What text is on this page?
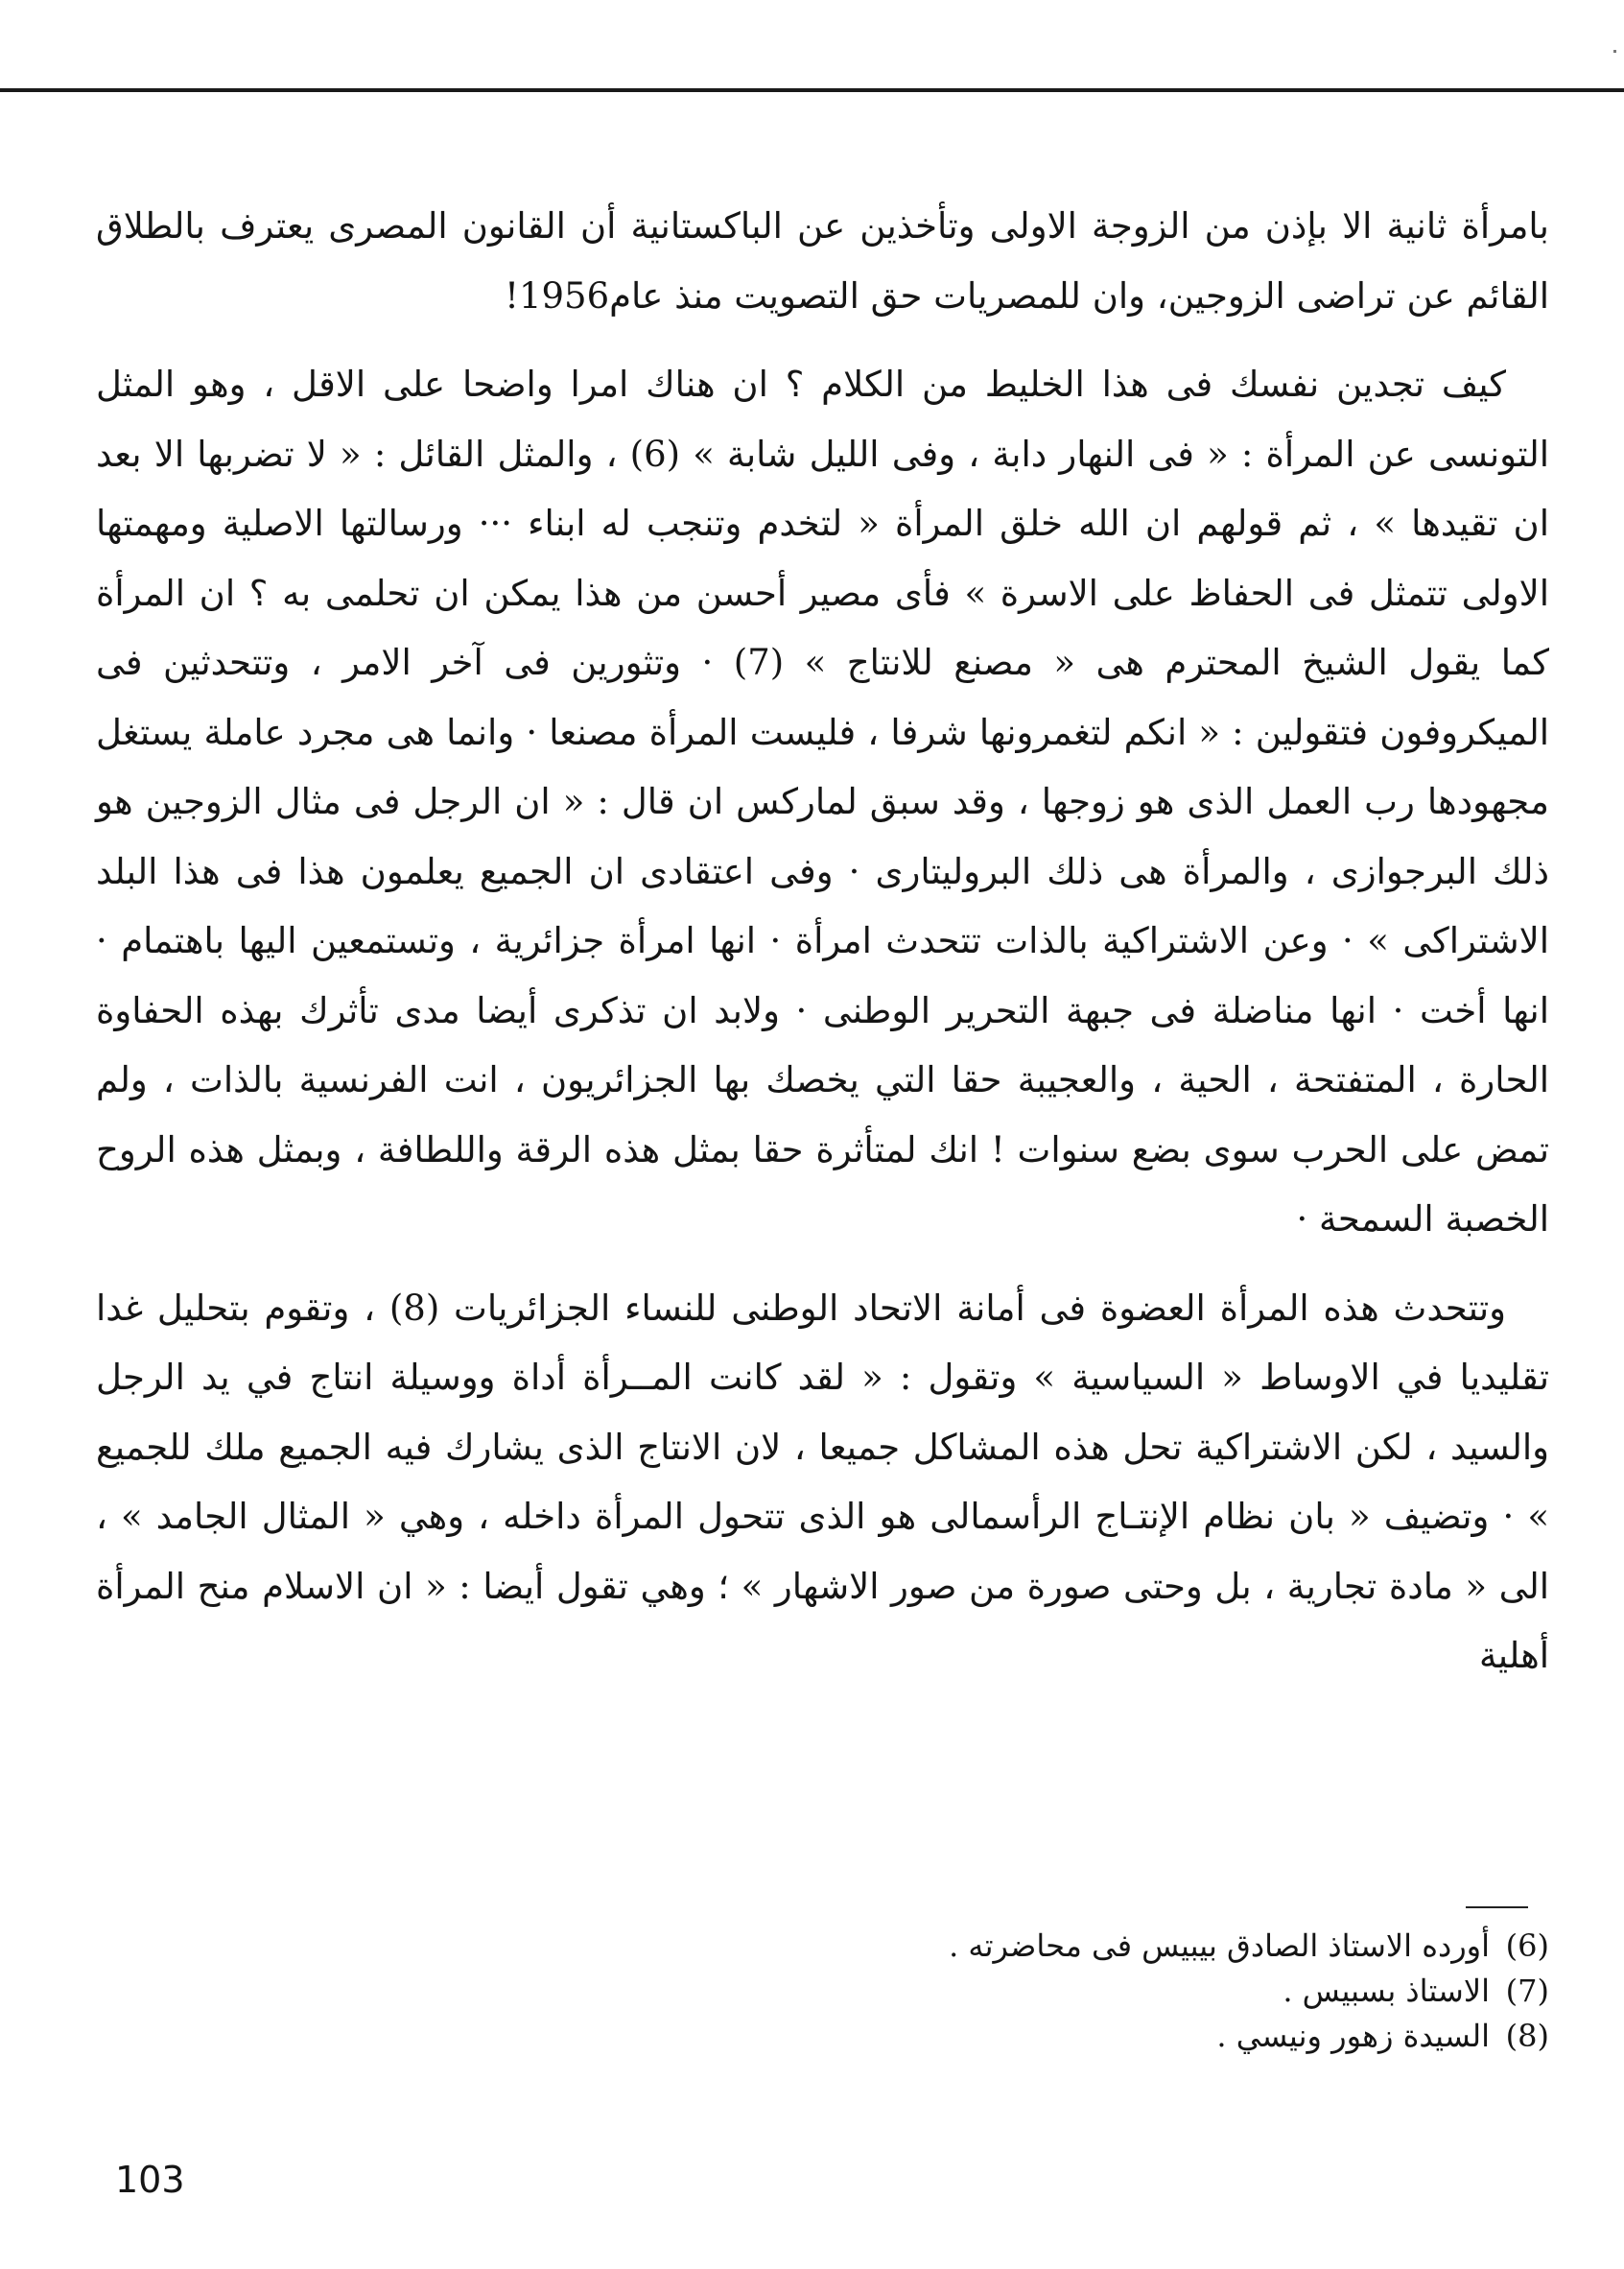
بامرأة ثانية الا بإذن من الزوجة الاولى وتأخذين عن الباكستانية أن القانون المصرى يعترف بالطلاق القائم عن تراضى الزوجين، وان للمصريات حق التصويت منذ عام1956!

كيف تجدين نفسك فى هذا الخليط من الكلام ؟ ان هناك امرا واضحا على الاقل ، وهو المثل التونسى عن المرأة : « فى النهار دابة ، وفى الليل شابة » (6) ، والمثل القائل : « لا تضربها الا بعد ان تقيدها » ، ثم قولهم ان الله خلق المرأة « لتخدم وتنجب له ابناء ··· ورسالتها الاصلية ومهمتها الاولى تتمثل فى الحفاظ على الاسرة » فأى مصير أحسن من هذا يمكن ان تحلمى به ؟ ان المرأة كما يقول الشيخ المحترم هى « مصنع للانتاج » (7) · وتثورين فى آخر الامر ، وتتحدثين فى الميكروفون فتقولين : « انكم لتغمرونها شرفا ، فليست المرأة مصنعا · وانما هى مجرد عاملة يستغل مجهودها رب العمل الذى هو زوجها ، وقد سبق لماركس ان قال : « ان الرجل فى مثال الزوجين هو ذلك البرجوازى ، والمرأة هى ذلك البروليتارى · وفى اعتقادى ان الجميع يعلمون هذا فى هذا البلد الاشتراكى » · وعن الاشتراكية بالذات تتحدث امرأة · انها امرأة جزائرية ، وتستمعين اليها باهتمام · انها أخت · انها مناضلة فى جبهة التحرير الوطنى · ولابد ان تذكرى أيضا مدى تأثرك بهذه الحفاوة الحارة ، المتفتحة ، الحية ، والعجيبة حقا التي يخصك بها الجزائريون ، انت الفرنسية بالذات ، ولم تمض على الحرب سوى بضع سنوات ! انك لمتأثرة حقا بمثل هذه الرقة واللطافة ، وبمثل هذه الروح الخصبة السمحة ·

وتتحدث هذه المرأة العضوة فى أمانة الاتحاد الوطنى للنساء الجزائريات (8) ، وتقوم بتحليل غدا تقليديا في الاوساط « السياسية » وتقول : « لقد كانت المــرأة أداة ووسيلة انتاج في يد الرجل والسيد ، لكن الاشتراكية تحل هذه المشاكل جميعا ، لان الانتاج الذى يشارك فيه الجميع ملك للجميع » · وتضيف « بان نظام الإنتـاج الرأسمالى هو الذى تتحول المرأة داخله ، وهي « المثال الجامد » ، الى « مادة تجارية ، بل وحتى صورة من صور الاشهار » ؛ وهي تقول أيضا : « ان الاسلام منح المرأة أهلية

(6)
أورده الاستاذ الصادق بيبيس فى محاضرته .
(7)
الاستاذ بسبيس .
(8)
السيدة زهور ونيسي .
103
